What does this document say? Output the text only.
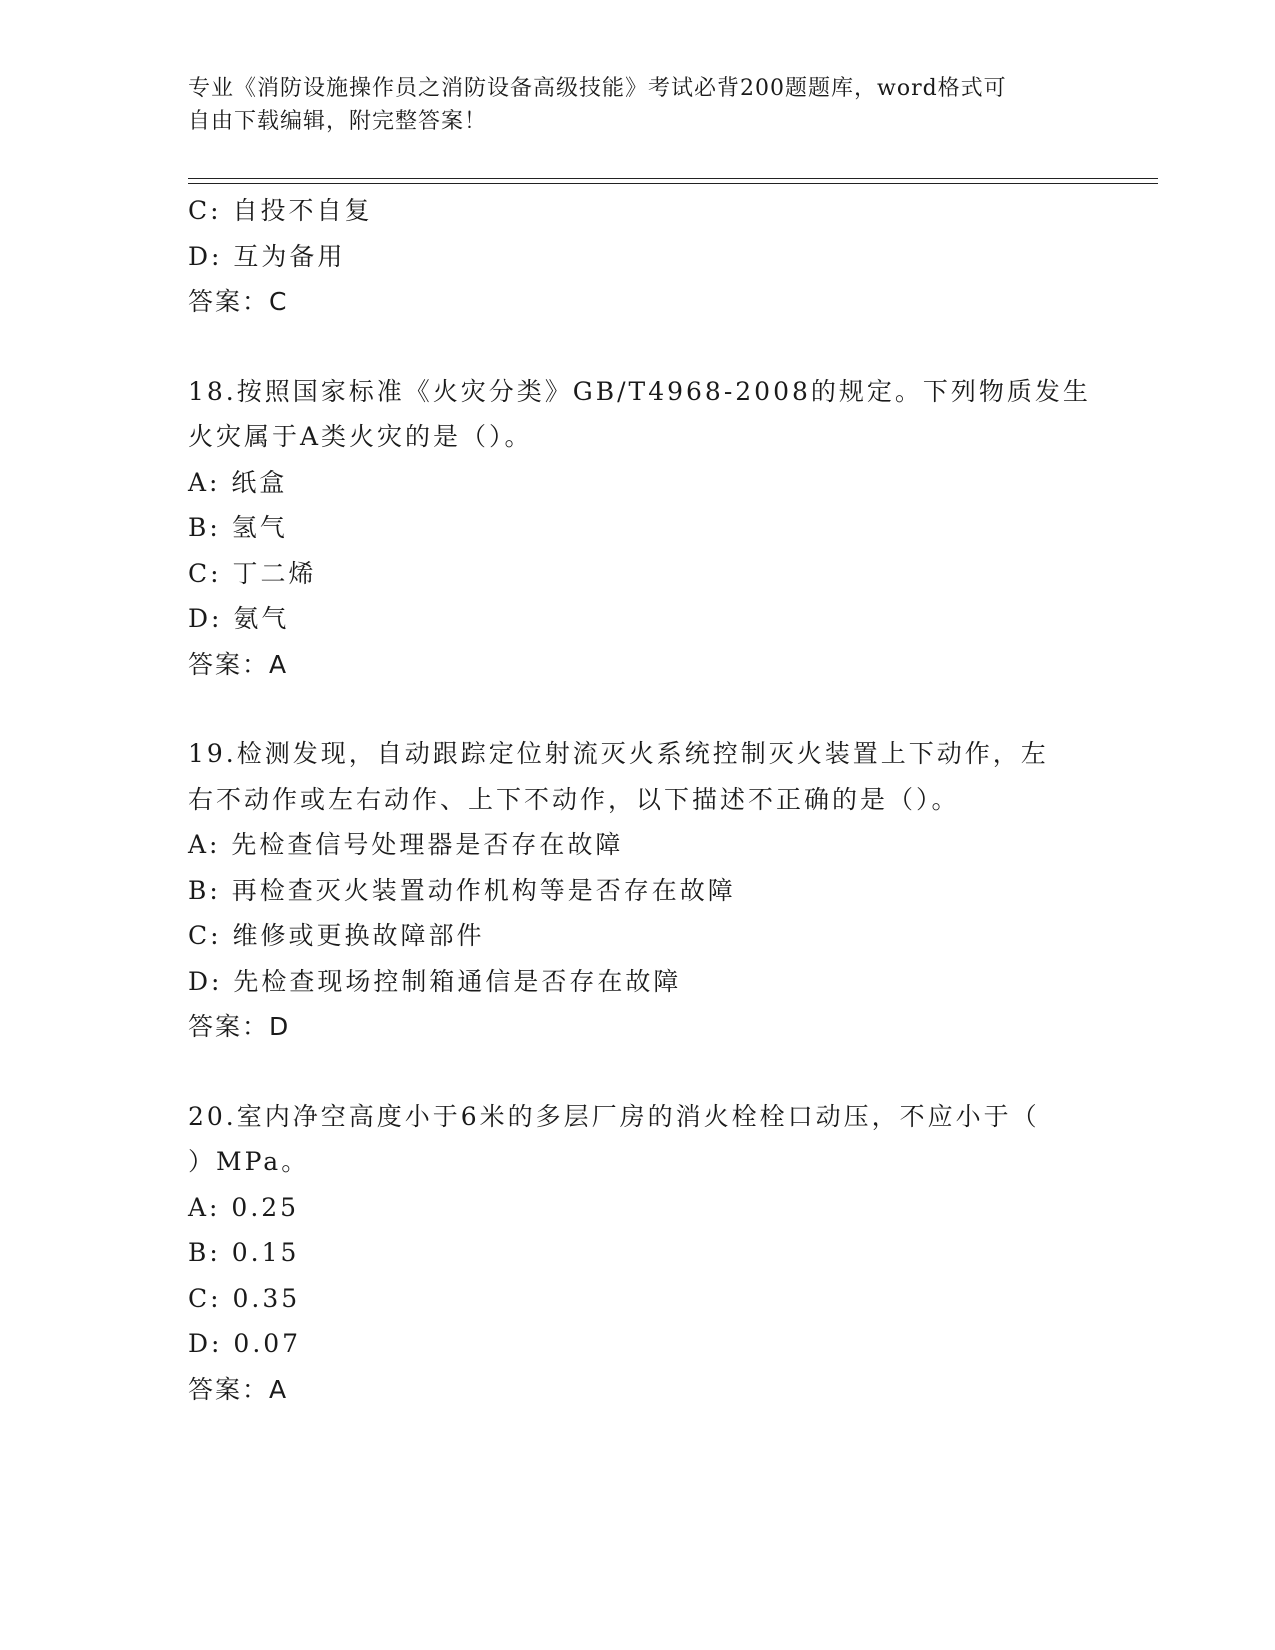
专业《消防设施操作员之消防设备高级技能》考试必背200题题库，word格式可
自由下载编辑，附完整答案！
C: 自投不自复
D: 互为备用
答案：C
18.按照国家标准《火灾分类》GB/T4968-2008的规定。下列物质发生
火灾属于A类火灾的是（）。
A: 纸盒
B: 氢气
C: 丁二烯
D: 氨气
答案：A
19.检测发现，自动跟踪定位射流灭火系统控制灭火装置上下动作，左
右不动作或左右动作、上下不动作，以下描述不正确的是（）。
A: 先检查信号处理器是否存在故障
B: 再检查灭火装置动作机构等是否存在故障
C: 维修或更换故障部件
D: 先检查现场控制箱通信是否存在故障
答案：D
20.室内净空高度小于6米的多层厂房的消火栓栓口动压，不应小于（
）MPa。
A: 0.25
B: 0.15
C: 0.35
D: 0.07
答案：A
